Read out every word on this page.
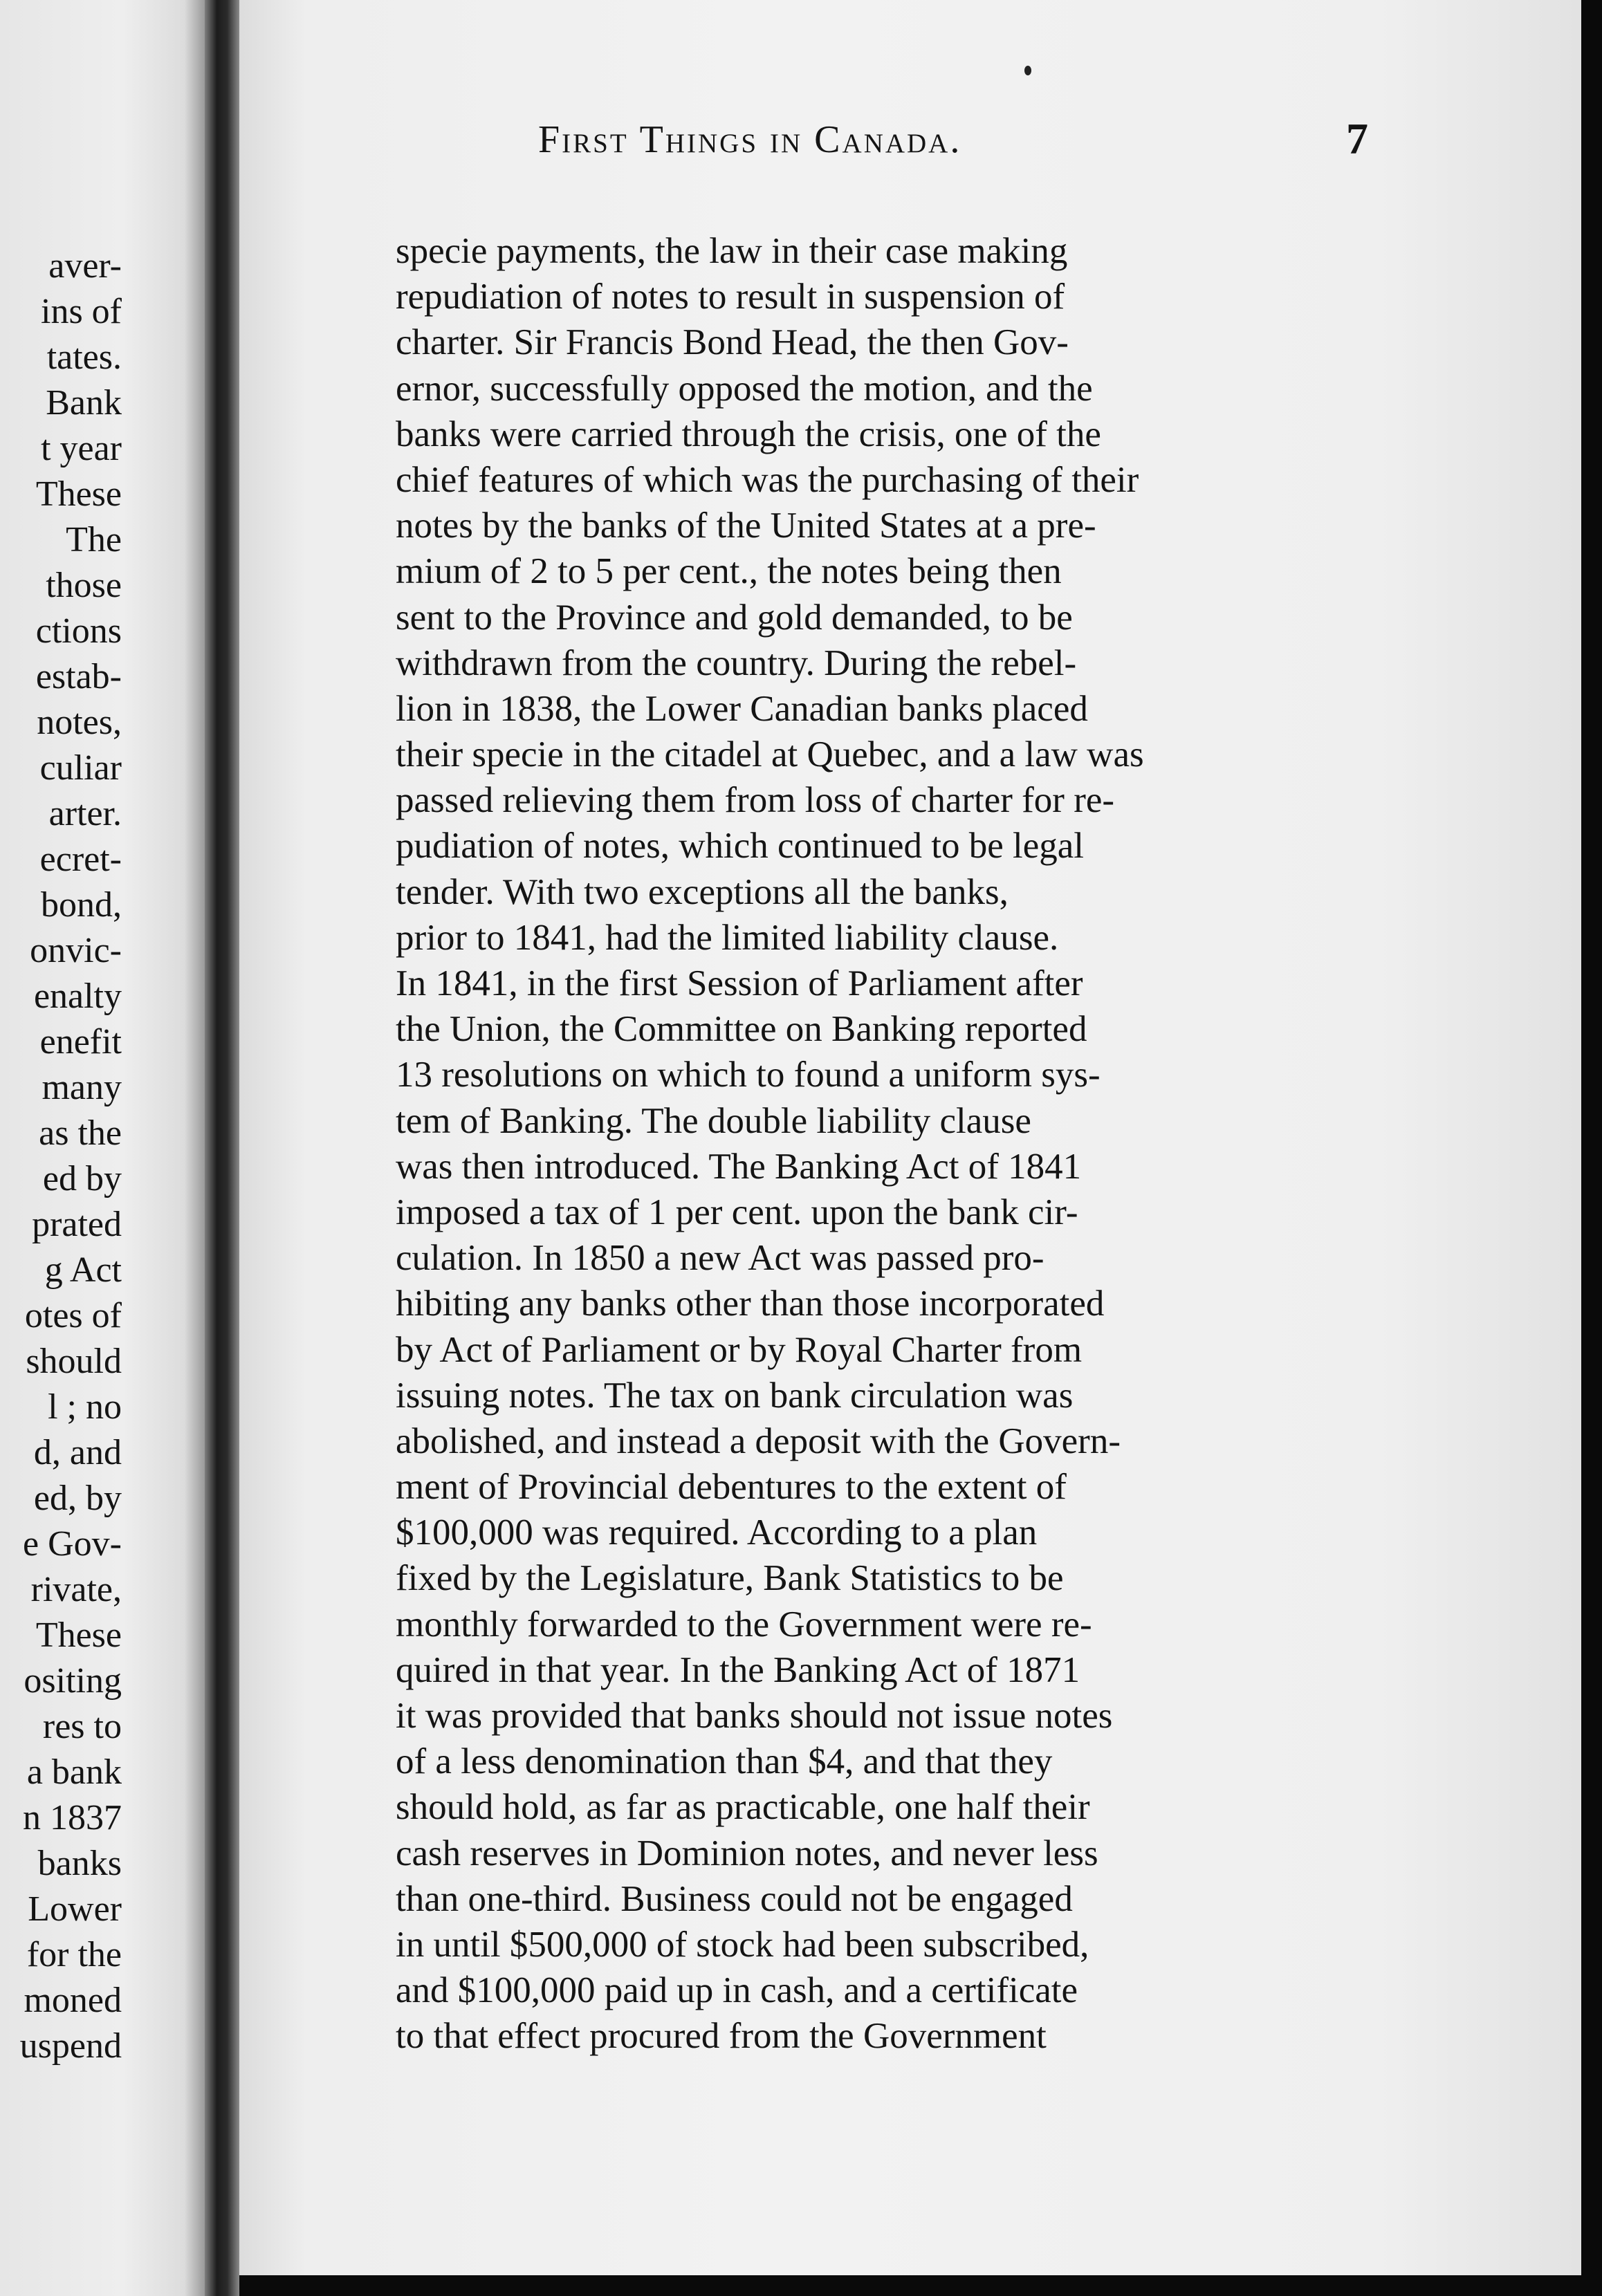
aver-
ins of
tates.
Bank
t year
These
The
those
ctions
estab-
notes,
culiar
arter.
ecret-
bond,
onvic-
enalty
enefit
many
as the
ed by
prated
g Act
otes of
should
l ; no
d, and
ed, by
e Gov-
rivate,
These
ositing
res to
a bank
n 1837
banks
Lower
for the
moned
uspend
First Things in Canada.	7
specie payments, the law in their case making
repudiation of notes to result in suspension of
charter. Sir Francis Bond Head, the then Gov-
ernor, successfully opposed the motion, and the
banks were carried through the crisis, one of the
chief features of which was the purchasing of their
notes by the banks of the United States at a pre-
mium of 2 to 5 per cent., the notes being then
sent to the Province and gold demanded, to be
withdrawn from the country. During the rebel-
lion in 1838, the Lower Canadian banks placed
their specie in the citadel at Quebec, and a law was
passed relieving them from loss of charter for re-
pudiation of notes, which continued to be legal
tender. With two exceptions all the banks,
prior to 1841, had the limited liability clause.
In 1841, in the first Session of Parliament after
the Union, the Committee on Banking reported
13 resolutions on which to found a uniform sys-
tem of Banking. The double liability clause
was then introduced. The Banking Act of 1841
imposed a tax of 1 per cent. upon the bank cir-
culation. In 1850 a new Act was passed pro-
hibiting any banks other than those incorporated
by Act of Parliament or by Royal Charter from
issuing notes. The tax on bank circulation was
abolished, and instead a deposit with the Govern-
ment of Provincial debentures to the extent of
$100,000 was required. According to a plan
fixed by the Legislature, Bank Statistics to be
monthly forwarded to the Government were re-
quired in that year. In the Banking Act of 1871
it was provided that banks should not issue notes
of a less denomination than $4, and that they
should hold, as far as practicable, one half their
cash reserves in Dominion notes, and never less
than one-third. Business could not be engaged
in until $500,000 of stock had been subscribed,
and $100,000 paid up in cash, and a certificate
to that effect procured from the Government
